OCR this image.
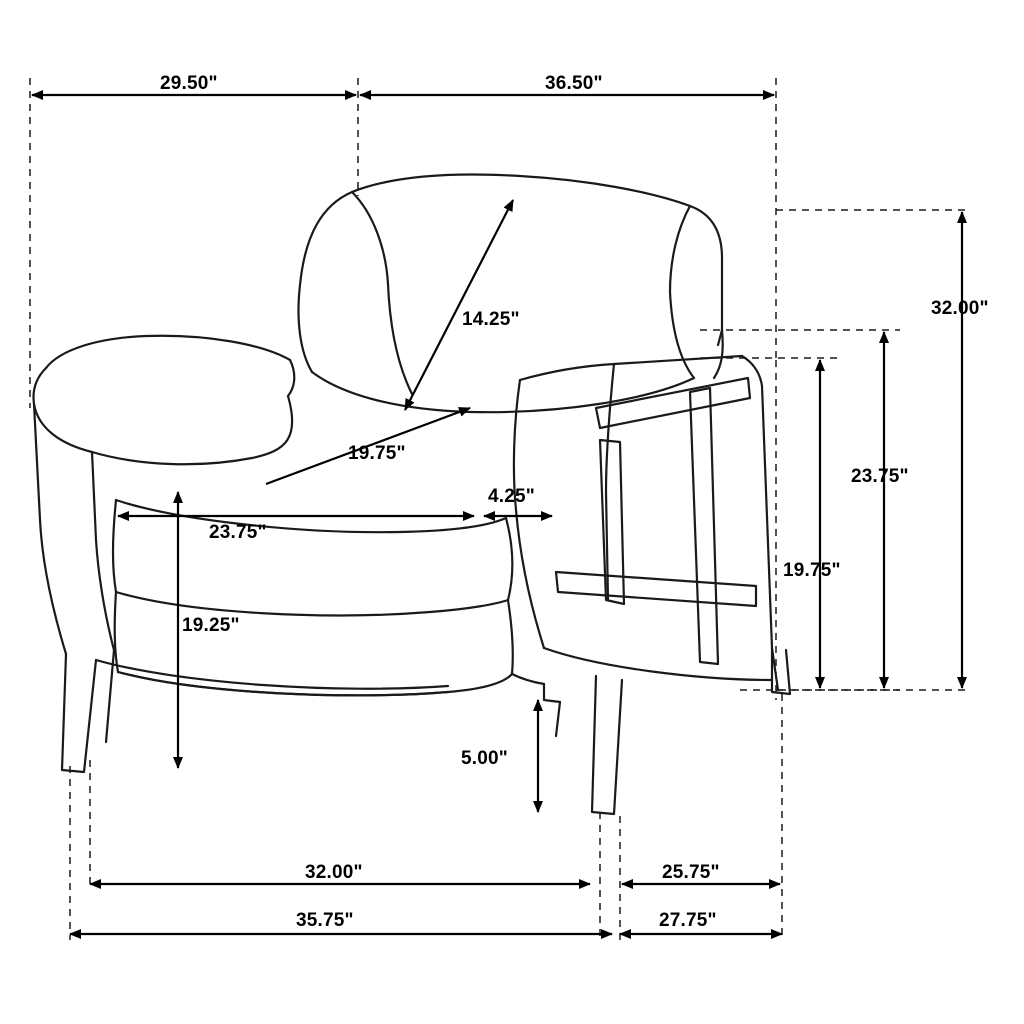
29.50"	36.50"
32.00"
14.25"
19.75"
23.75"
4.25"
23.75"
19.75"
19.25"
5.00"
32.00"	25.75"
35.75"	27.75"
